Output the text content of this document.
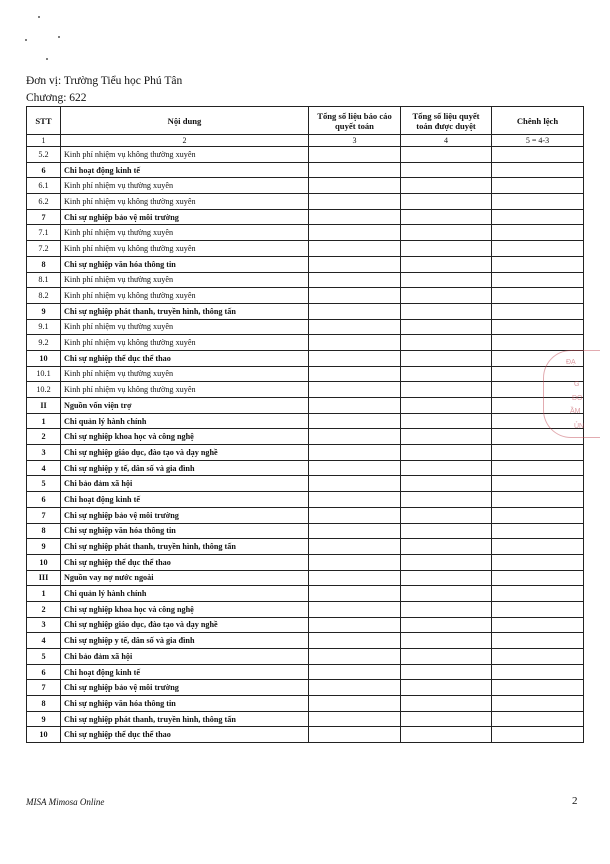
Đơn vị: Trường Tiểu học Phú Tân
Chương: 622
STT	Nội dung	Tổng số liệu báo cáo quyết toán	Tổng số liệu quyết toán được duyệt	Chênh lệch
1	2	3	4	5 = 4-3
5.2	Kinh phí nhiệm vụ không thường xuyên			
6	Chi hoạt động kinh tế			
6.1	Kinh phí nhiệm vụ thường xuyên			
6.2	Kinh phí nhiệm vụ không thường xuyên			
7	Chi sự nghiệp bảo vệ môi trường			
7.1	Kinh phí nhiệm vụ thường xuyên			
7.2	Kinh phí nhiệm vụ không thường xuyên			
8	Chi sự nghiệp văn hóa thông tin			
8.1	Kinh phí nhiệm vụ thường xuyên			
8.2	Kinh phí nhiệm vụ không thường xuyên			
9	Chi sự nghiệp phát thanh, truyền hình, thông tấn			
9.1	Kinh phí nhiệm vụ thường xuyên			
9.2	Kinh phí nhiệm vụ không thường xuyên			
10	Chi sự nghiệp thể dục thể thao			
10.1	Kinh phí nhiệm vụ thường xuyên			
10.2	Kinh phí nhiệm vụ không thường xuyên			
II	Nguồn vốn viện trợ			
1	Chi quản lý hành chính			
2	Chi sự nghiệp khoa học và công nghệ			
3	Chi sự nghiệp giáo dục, đào tạo và dạy nghề			
4	Chi sự nghiệp y tế, dân số và gia đình			
5	Chi bảo đảm xã hội			
6	Chi hoạt động kinh tế			
7	Chi sự nghiệp bảo vệ môi trường			
8	Chi sự nghiệp văn hóa thông tin			
9	Chi sự nghiệp phát thanh, truyền hình, thông tấn			
10	Chi sự nghiệp thể dục thể thao			
III	Nguồn vay nợ nước ngoài			
1	Chi quản lý hành chính			
2	Chi sự nghiệp khoa học và công nghệ			
3	Chi sự nghiệp giáo dục, đào tạo và dạy nghề			
4	Chi sự nghiệp y tế, dân số và gia đình			
5	Chi bảo đảm xã hội			
6	Chi hoạt động kinh tế			
7	Chi sự nghiệp bảo vệ môi trường			
8	Chi sự nghiệp văn hóa thông tin			
9	Chi sự nghiệp phát thanh, truyền hình, thông tấn			
10	Chi sự nghiệp thể dục thể thao			
ĐẠ
G
ĐO
ẦM
ỦN
MISA Mimosa Online	2
